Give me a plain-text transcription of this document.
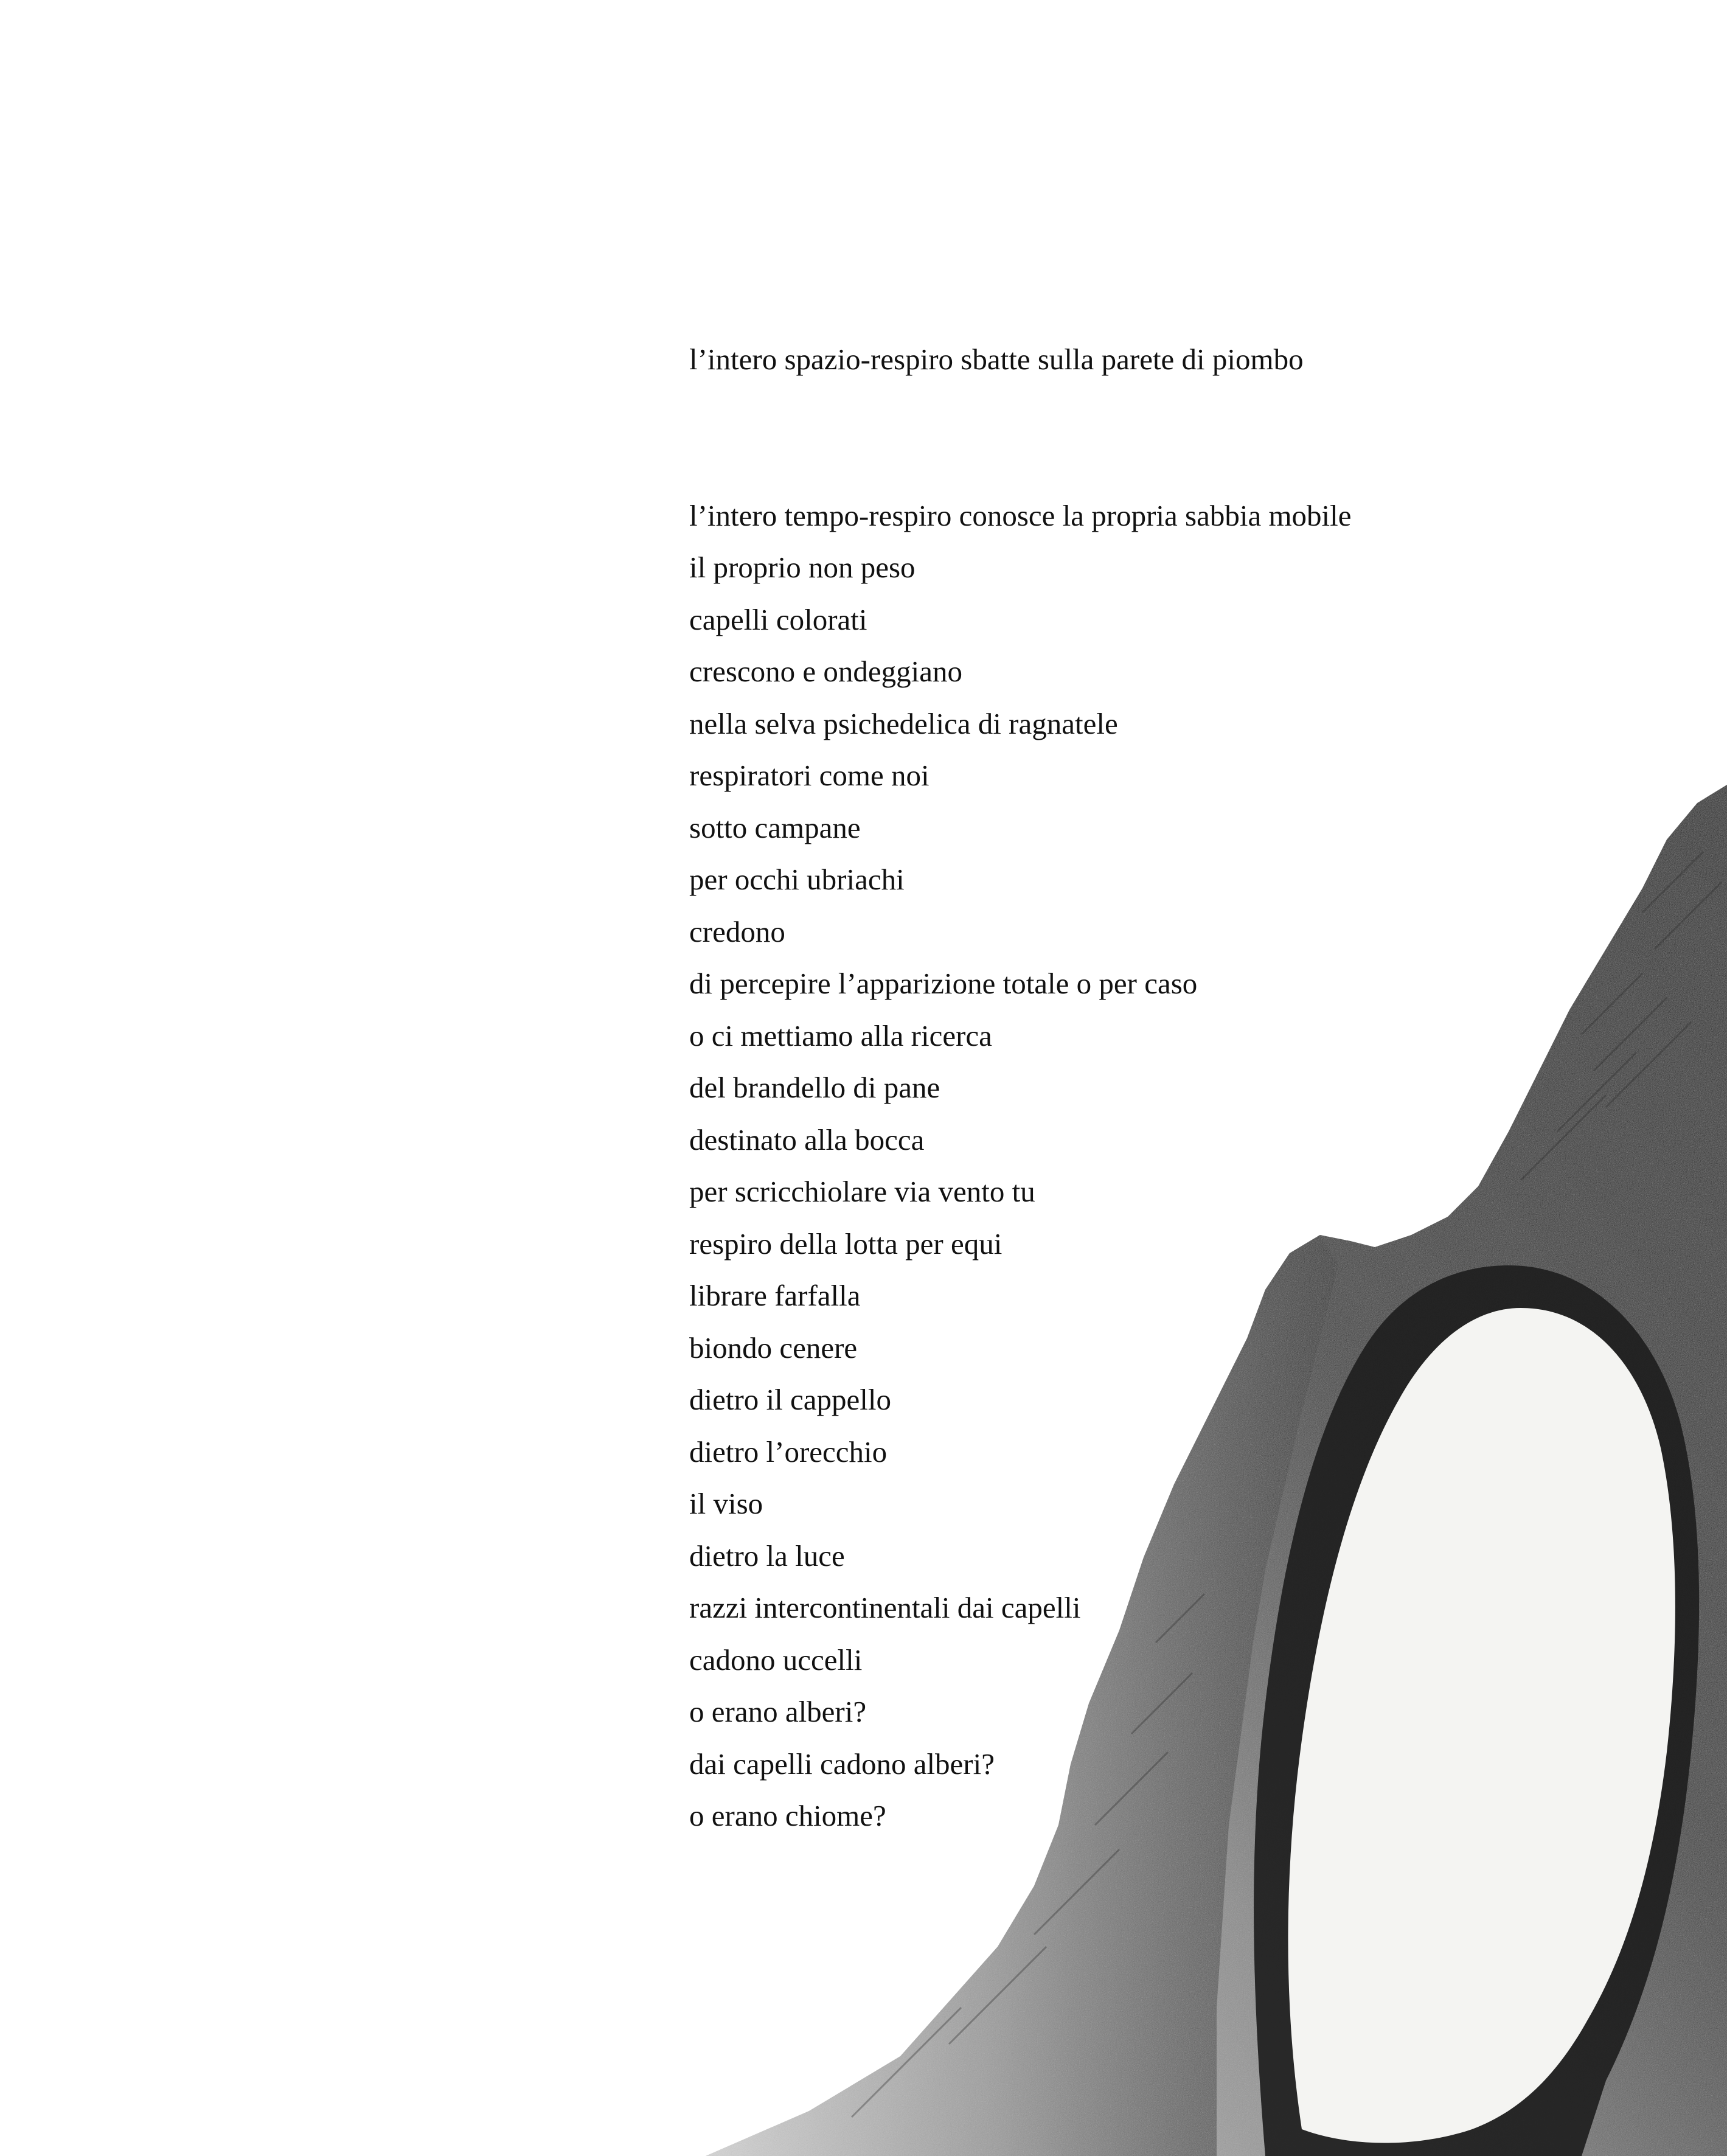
l’intero spazio-respiro sbatte sulla parete di piombo
l’intero tempo-respiro conosce la propria sabbia mobile
il proprio non peso
capelli colorati
crescono e ondeggiano
nella selva psichedelica di ragnatele
respiratori come noi
sotto campane
per occhi ubriachi
credono
di percepire l’apparizione totale o per caso
o ci mettiamo alla ricerca
del brandello di pane
destinato alla bocca
per scricchiolare via vento tu
respiro della lotta per equi
librare farfalla
biondo cenere
dietro il cappello
dietro l’orecchio
il viso
dietro la luce
razzi intercontinentali dai capelli
cadono uccelli
o erano alberi?
dai capelli cadono alberi?
o erano chiome?
